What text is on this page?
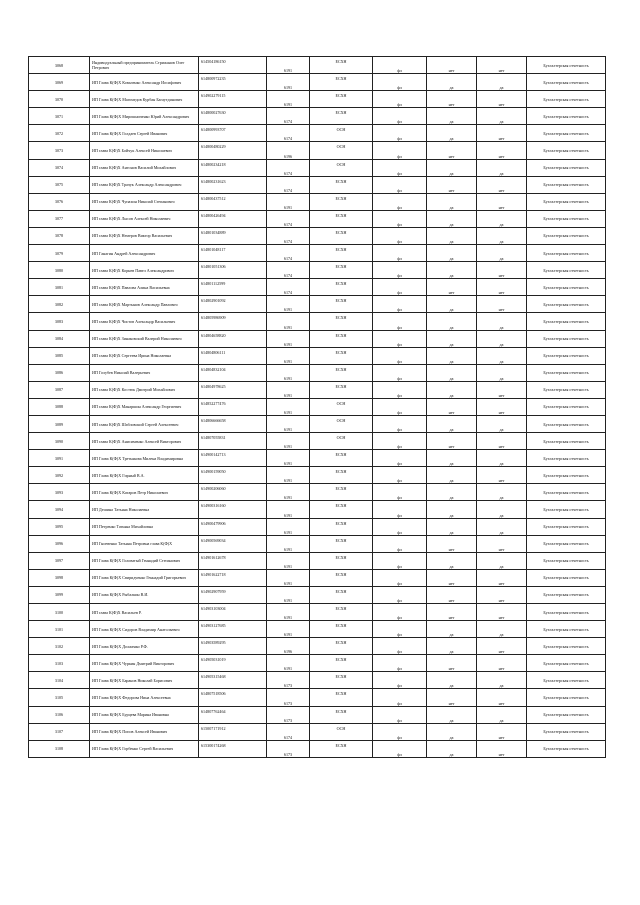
3068	Индивидуальный предприниматель Стрижанов Олег Петрович	614504186150	6191	ЕСХН	фл	нет	нет	Бухгалтерская отчетность
3069	ИП Глава К(Ф)Х Коваленко Александр Иосифович	614800972235	6191	ЕСХН	фл	да	да	Бухгалтерская отчетность
3070	ИП Глава К(Ф)Х Магомедов Курбан Багаутдинович	614902279115	6191	ЕСХН	фл	нет	нет	Бухгалтерская отчетность
3071	ИП Глава К(Ф)Х Мирошниченко Юрий Александрович	614800027630	6174	ЕСХН	фл	да	да	Бухгалтерская отчетность
3072	ИП Глава К(Ф)Х Голдаев Сергей Иванович	614800993707	6174	ОСН	фл	да	нет	Бухгалтерская отчетность
3073	ИП глава К(Ф)Х Бойчук Алексей Николаевич	614800480229	6196	ОСН	фл	нет	нет	Бухгалтерская отчетность
3074	ИП глава К(Ф)Х Антонов Василий Михайлович	614800234218	6174	ОСН	фл	да	да	Бухгалтерская отчетность
3075	ИП глава К(Ф)Х Трачук Александр Александрович	614800231623	6174	ЕСХН	фл	нет	нет	Бухгалтерская отчетность
3076	ИП глава К(Ф)Х Чупахин Николай Степанович	614800437512	6191	ЕСХН	фл	да	нет	Бухгалтерская отчетность
3077	ИП глава К(Ф)Х Лысов Алексей Николаевич	614800426494	6174	ЕСХН	фл	да	да	Бухгалтерская отчетность
3078	ИП глава К(Ф)Х Немеров Виктор Васильевич	614801034889	6174	ЕСХН	фл	да	да	Бухгалтерская отчетность
3079	ИП Ганагин Андрей Александрович	614801048117	6174	ЕСХН	фл	да	да	Бухгалтерская отчетность
3080	ИП глава К(Ф)Х Корнев Павел Александрович	614801051306	6174	ЕСХН	фл	да	нет	Бухгалтерская отчетность
3081	ИП глава К(Ф)Х Павлова Алина Васильевна	614801112599	6174	ЕСХН	фл	нет	нет	Бухгалтерская отчетность
3082	ИП глава К(Ф)Х Мартынов Александр Павлович	614802901092	6191	ЕСХН	фл	да	нет	Бухгалтерская отчетность
3083	ИП глава К(Ф)Х Чистов Александр Васильевич	614805986909	6191	ЕСХН	фл	да	да	Бухгалтерская отчетность
3084	ИП глава К(Ф)Х Зинаковский Валерий Николаевич	614804658820	6191	ЕСХН	фл	да	да	Бухгалтерская отчетность
3085	ИП глава К(Ф)Х Сергеева Ирина Николаевна	614804806111	6191	ЕСХН	фл	да	да	Бухгалтерская отчетность
3086	ИП Голубев Николай Валерьевич	614804832104	6191	ЕСХН	фл	да	да	Бухгалтерская отчетность
3087	ИП глава К(Ф)Х Костюк Дмитрий Михайлович	614804978625	6191	ЕСХН	фл	да	нет	Бухгалтерская отчетность
3088	ИП глава К(Ф)Х Манаршин Александр Георгиевич	614852277476	6191	ОСН	фл	нет	нет	Бухгалтерская отчетность
3089	ИП глава К(Ф)Х Шабловский Сергей Алексеевич	614806666658	6191	ОСН	фл	да	да	Бухгалтерская отчетность
3090	ИП глава К(Ф)Х Анисименко Алексей Викторович	614807055831	6191	ОСН	фл	нет	нет	Бухгалтерская отчетность
3091	ИП Глава К(Ф)Х Третьякова Милена Владимировна	614900142713	6191	ЕСХН	фл	да	да	Бухгалтерская отчетность
3092	ИП Глава К(Ф)Х Гирный В.А.	614900159050	6191	ЕСХН	фл	да	нет	Бухгалтерская отчетность
3093	ИП Глава К(Ф)Х Катаров Петр Николаевич	614900206060	6191	ЕСХН	фл	да	да	Бухгалтерская отчетность
3094	ИП Дешина Татьяна Николаевна	614900316160	6191	ЕСХН	фл	да	да	Бухгалтерская отчетность
3095	ИП Петренко Татьяна Михайловна	614900479906	6191	ЕСХН	фл	да	да	Бухгалтерская отчетность
3096	ИП Гноевенко Татьяна Петровна глава К(Ф)Х	614900569034	6191	ЕСХН	фл	нет	нет	Бухгалтерская отчетность
3097	ИП Глава К(Ф)Х Головатый Геннадий Степанович	614901612678	6191	ЕСХН	фл	да	да	Бухгалтерская отчетность
3098	ИП Глава К(Ф)Х Свиридченко Геннадий Григорьевич	614901622718	6191	ЕСХН	фл	нет	нет	Бухгалтерская отчетность
3099	ИП Глава К(Ф)Х Рыбалкин В.И.	614902907959	6191	ЕСХН	фл	нет	нет	Бухгалтерская отчетность
3100	ИП глава К(Ф)Х Васильев Р.	614903103004	6191	ЕСХН	фл	нет	нет	Бухгалтерская отчетность
3101	ИП Глава К(Ф)Х Сидоров Владимир Анатольевич	614903127685	6191	ЕСХН	фл	да	да	Бухгалтерская отчетность
3102	ИП Глава К(Ф)Х Долженко Р.Ф.	614903589295	6196	ЕСХН	фл	да	нет	Бухгалтерская отчетность
3103	ИП Глава К(Ф)Х Чуркин Дмитрий Викторович	614905031019	6191	ЕСХН	фл	нет	нет	Бухгалтерская отчетность
3104	ИП Глава К(Ф)Х Баранов Николай Борисович	614905315468	6173	ЕСХН	фл	да	да	Бухгалтерская отчетность
3105	ИП Глава К(Ф)Х Федорова Нина Алексеевна	614807518506	6173	ЕСХН	фл	нет	нет	Бухгалтерская отчетность
3106	ИП Глава К(Ф)Х Бурцева Марина Ивановна	614807762464	6173	ЕСХН	фл	да	да	Бухгалтерская отчетность
3107	ИП Глава К(Ф)Х Попов Алексей Иванович	615007171912	6174	ОСН	фл	да	нет	Бухгалтерская отчетность
3108	ИП Глава К(Ф)Х Горбенко Сергей Васильевич	615300174268	6173	ЕСХН	фл	да	нет	Бухгалтерская отчетность
